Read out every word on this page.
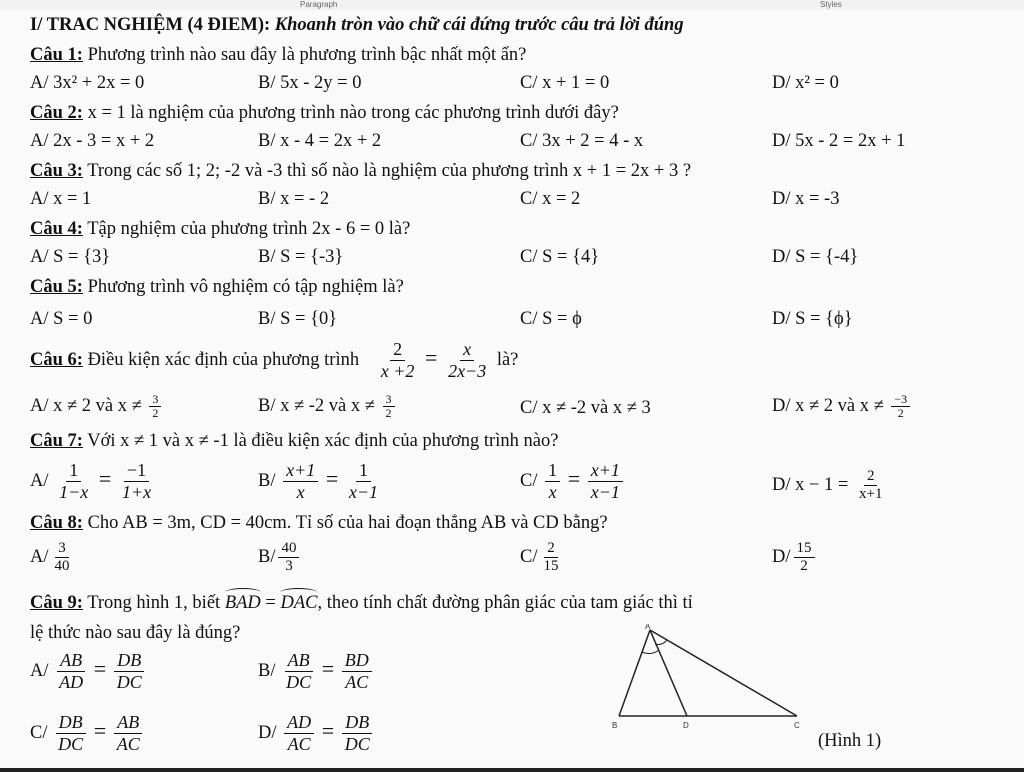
Paragraph	Styles
I/ TRAC NGHIỆM (4 ĐIEM): Khoanh tròn vào chữ cái đứng trước câu trả lời đúng
Câu 1: Phương trình nào sau đây là phương trình bậc nhất một ẩn?
A/ 3x² + 2x = 0	B/ 5x - 2y = 0	C/ x + 1 = 0	D/ x² = 0
Câu 2: x = 1 là nghiệm của phương trình nào trong các phương trình dưới đây?
A/ 2x - 3 = x + 2	B/ x - 4 = 2x + 2	C/ 3x + 2 = 4 - x	D/ 5x - 2 = 2x + 1
Câu 3: Trong các số 1; 2; -2 và -3 thì số nào là nghiệm của phương trình x + 1 = 2x + 3 ?
A/ x = 1	B/ x = - 2	C/ x = 2	D/ x = -3
Câu 4: Tập nghiệm của phương trình 2x - 6 = 0 là?
A/ S = {3}	B/ S = {-3}	C/ S = {4}	D/ S = {-4}
Câu 5: Phương trình vô nghiệm có tập nghiệm là?
A/ S = 0	B/ S = {0}	C/ S = ϕ	D/ S = {ϕ}
Câu 6: Điều kiện xác định của phương trình $\frac{2}{x +2} = \frac{x}{2x-3}$ là?
A/ x ≠ 2 và $x \ne \frac{3}{2}$	B/ x ≠ -2 và $x \ne \frac{3}{2}$	C/ x ≠ -2 và x ≠ 3	D/ x ≠ 2 và $x \ne \frac{-3}{2}$
Câu 7: Với x ≠ 1 và x ≠ -1 là điều kiện xác định của phương trình nào?
$A/ \frac{1}{1-x} = \frac{-1}{1+x}$	$B/ \frac{x+1}{x} = \frac{1}{x-1}$	$C/ \frac{1}{x} = \frac{x+1}{x-1}$	D/ $x - 1 = \frac{2}{x+1}$
Câu 8: Cho AB = 3m, CD = 40cm. Tỉ số của hai đoạn thẳng AB và CD bằng?
$A/ \frac{3}{40}$	$B/ \frac{40}{3}$	$C/ \frac{2}{15}$	$D/ \frac{15}{2}$
Câu 9: Trong hình 1, biết BAD = DAC, theo tính chất đường phân giác của tam giác thì tỉ
lệ thức nào sau đây là đúng?
$A/ \frac{AB}{AD} = \frac{DB}{DC}$	$B/ \frac{AB}{DC} = \frac{BD}{AC}$
$C/ \frac{DB}{DC} = \frac{AB}{AC}$	$D/ \frac{AD}{AC} = \frac{DB}{DC}$
A
B	D	C
(Hình 1)
